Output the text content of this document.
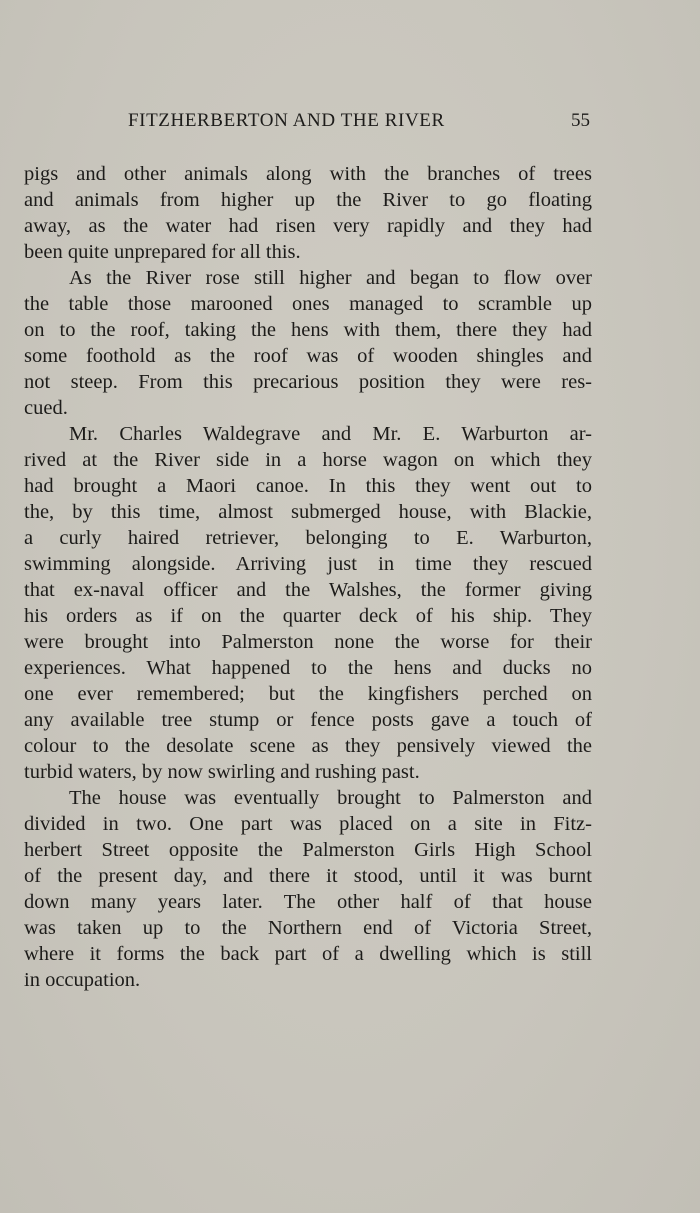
FITZHERBERTON AND THE RIVER	55
pigs and other animals along with the branches of trees
and animals from higher up the River to go floating
away, as the water had risen very rapidly and they had
been quite unprepared for all this.
As the River rose still higher and began to flow over
the table those marooned ones managed to scramble up
on to the roof, taking the hens with them, there they had
some foothold as the roof was of wooden shingles and
not steep. From this precarious position they were res-
cued.
Mr. Charles Waldegrave and Mr. E. Warburton ar-
rived at the River side in a horse wagon on which they
had brought a Maori canoe. In this they went out to
the, by this time, almost submerged house, with Blackie,
a curly haired retriever, belonging to E. Warburton,
swimming alongside. Arriving just in time they rescued
that ex-naval officer and the Walshes, the former giving
his orders as if on the quarter deck of his ship. They
were brought into Palmerston none the worse for their
experiences. What happened to the hens and ducks no
one ever remembered; but the kingfishers perched on
any available tree stump or fence posts gave a touch of
colour to the desolate scene as they pensively viewed the
turbid waters, by now swirling and rushing past.
The house was eventually brought to Palmerston and
divided in two. One part was placed on a site in Fitz-
herbert Street opposite the Palmerston Girls High School
of the present day, and there it stood, until it was burnt
down many years later. The other half of that house
was taken up to the Northern end of Victoria Street,
where it forms the back part of a dwelling which is still
in occupation.
